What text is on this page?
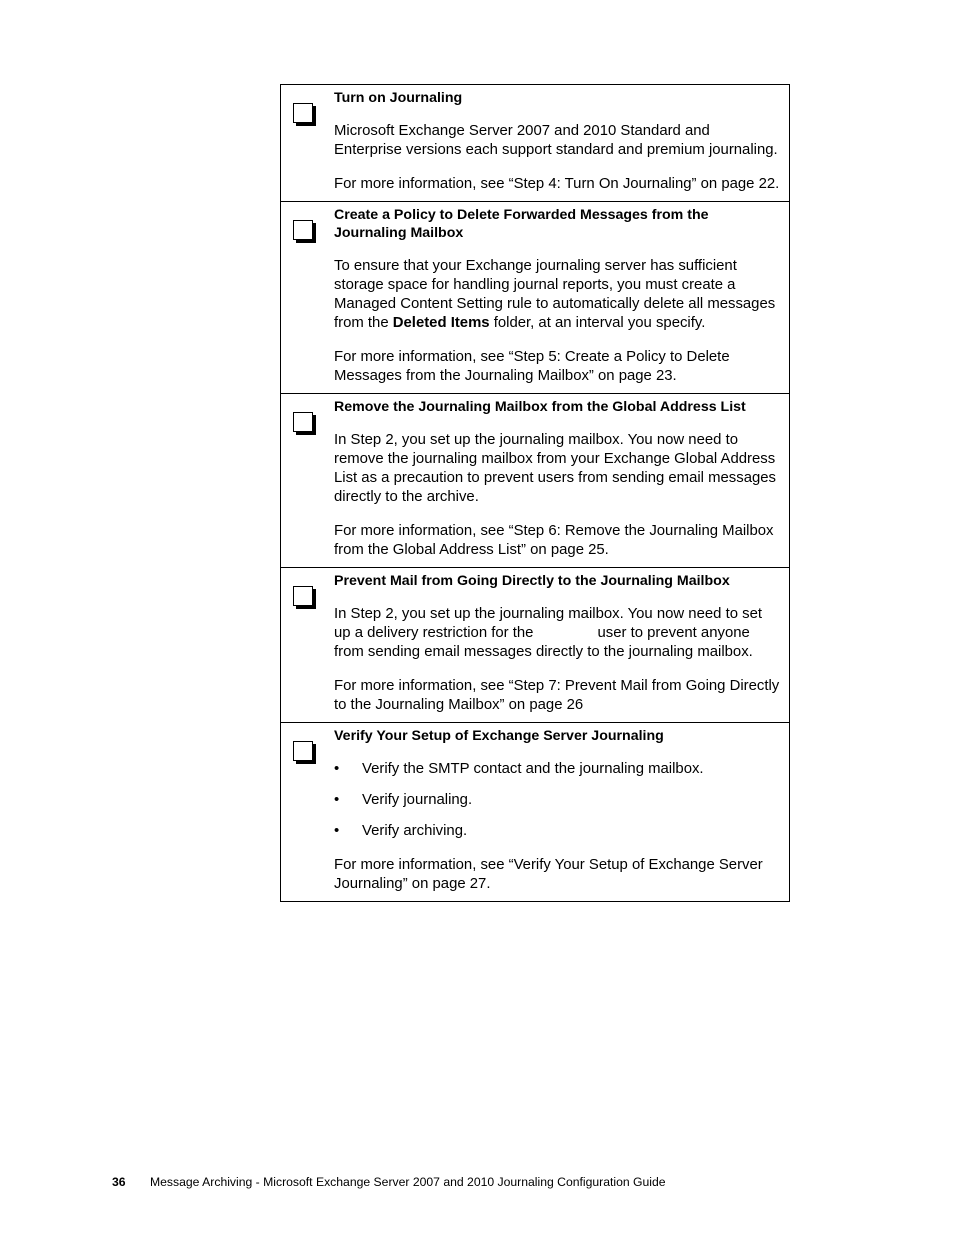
Turn on Journaling

Microsoft Exchange Server 2007 and 2010 Standard and Enterprise versions each support standard and premium journaling.

For more information, see “Step 4: Turn On Journaling” on page 22.

Create a Policy to Delete Forwarded Messages from the Journaling Mailbox

To ensure that your Exchange journaling server has sufficient storage space for handling journal reports, you must create a Managed Content Setting rule to automatically delete all messages from the Deleted Items folder, at an interval you specify.

For more information, see “Step 5: Create a Policy to Delete Messages from the Journaling Mailbox” on page 23.

Remove the Journaling Mailbox from the Global Address List

In Step 2, you set up the journaling mailbox. You now need to remove the journaling mailbox from your Exchange Global Address List as a precaution to prevent users from sending email messages directly to the archive.

For more information, see “Step 6: Remove the Journaling Mailbox from the Global Address List” on page 25.

Prevent Mail from Going Directly to the Journaling Mailbox

In Step 2, you set up the journaling mailbox. You now need to set up a delivery restriction for the	user to prevent anyone from sending email messages directly to the journaling mailbox.

For more information, see “Step 7: Prevent Mail from Going Directly to the Journaling Mailbox” on page 26

Verify Your Setup of Exchange Server Journaling

• Verify the SMTP contact and the journaling mailbox.
• Verify journaling.
• Verify archiving.

For more information, see “Verify Your Setup of Exchange Server Journaling” on page 27.

36 Message Archiving - Microsoft Exchange Server 2007 and 2010 Journaling Configuration Guide
